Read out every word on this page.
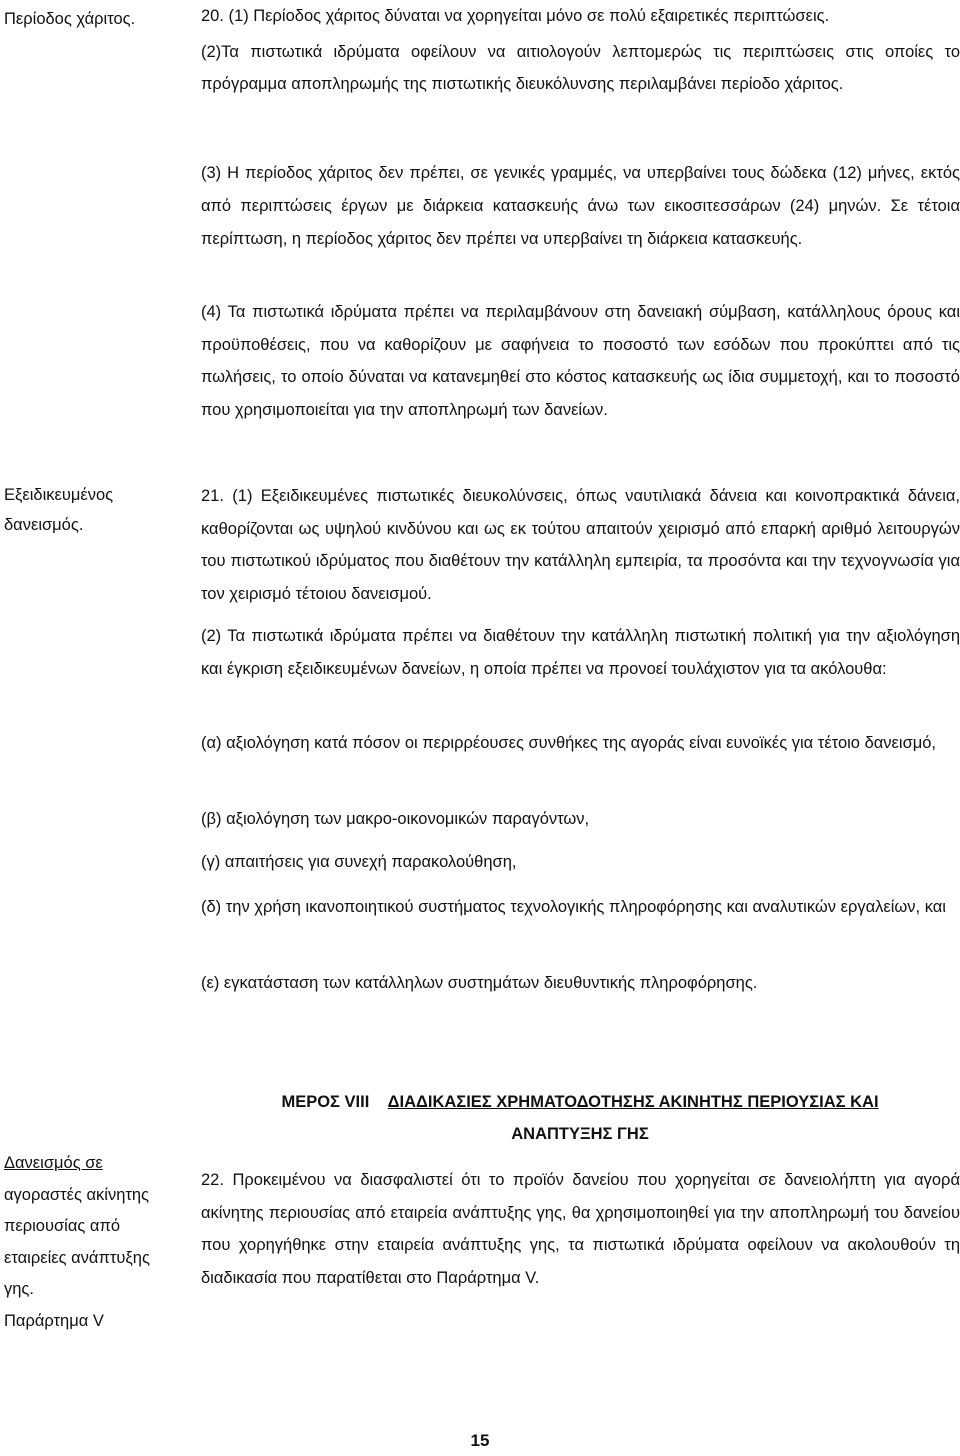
Περίοδος χάριτος.
Εξειδικευμένος
δανεισμός.
Δανεισμός σε
αγοραστές ακίνητης
περιουσίας από
εταιρείες ανάπτυξης
γης.
Παράρτημα V

20. (1) Περίοδος χάριτος δύναται να χορηγείται μόνο σε πολύ εξαιρετικές περιπτώσεις.

(2)Τα πιστωτικά ιδρύματα οφείλουν να αιτιολογούν λεπτομερώς τις περιπτώσεις στις οποίες το πρόγραμμα αποπληρωμής της πιστωτικής διευκόλυνσης περιλαμβάνει περίοδο χάριτος.

(3) Η περίοδος χάριτος δεν πρέπει, σε γενικές γραμμές, να υπερβαίνει τους δώδεκα (12) μήνες, εκτός από περιπτώσεις έργων με διάρκεια κατασκευής άνω των εικοσιτεσσάρων (24) μηνών. Σε τέτοια περίπτωση, η περίοδος χάριτος δεν πρέπει να υπερβαίνει τη διάρκεια κατασκευής.

(4) Τα πιστωτικά ιδρύματα πρέπει να περιλαμβάνουν στη δανειακή σύμβαση, κατάλληλους όρους και προϋποθέσεις, που να καθορίζουν με σαφήνεια το ποσοστό των εσόδων που προκύπτει από τις πωλήσεις, το οποίο δύναται να κατανεμηθεί στο κόστος κατασκευής ως ίδια συμμετοχή, και το ποσοστό που χρησιμοποιείται για την αποπληρωμή των δανείων.

21. (1) Εξειδικευμένες πιστωτικές διευκολύνσεις, όπως ναυτιλιακά δάνεια και κοινοπρακτικά δάνεια, καθορίζονται ως υψηλού κινδύνου και ως εκ τούτου απαιτούν χειρισμό από επαρκή αριθμό λειτουργών του πιστωτικού ιδρύματος που διαθέτουν την κατάλληλη εμπειρία, τα προσόντα και την τεχνογνωσία για τον χειρισμό τέτοιου δανεισμού.

(2) Τα πιστωτικά ιδρύματα πρέπει να διαθέτουν την κατάλληλη πιστωτική πολιτική για την αξιολόγηση και έγκριση εξειδικευμένων δανείων, η οποία πρέπει να προνοεί τουλάχιστον για τα ακόλουθα:

(α) αξιολόγηση κατά πόσον οι περιρρέουσες συνθήκες της αγοράς είναι ευνοϊκές για τέτοιο δανεισμό,

(β) αξιολόγηση των μακρο-οικονομικών παραγόντων,

(γ) απαιτήσεις για συνεχή παρακολούθηση,

(δ) την χρήση ικανοποιητικού συστήματος τεχνολογικής πληροφόρησης και αναλυτικών εργαλείων, και

(ε) εγκατάσταση των κατάλληλων συστημάτων διευθυντικής πληροφόρησης.

ΜΕΡΟΣ VIII ΔΙΑΔΙΚΑΣΙΕΣ ΧΡΗΜΑΤΟΔΟΤΗΣΗΣ ΑΚΙΝΗΤΗΣ ΠΕΡΙΟΥΣΙΑΣ ΚΑΙ
ΑΝΑΠΤΥΞΗΣ ΓΗΣ

22. Προκειμένου να διασφαλιστεί ότι το προϊόν δανείου που χορηγείται σε δανειολήπτη για αγορά ακίνητης περιουσίας από εταιρεία ανάπτυξης γης, θα χρησιμοποιηθεί για την αποπληρωμή του δανείου που χορηγήθηκε στην εταιρεία ανάπτυξης γης, τα πιστωτικά ιδρύματα οφείλουν να ακολουθούν τη διαδικασία που παρατίθεται στο Παράρτημα V.

15
